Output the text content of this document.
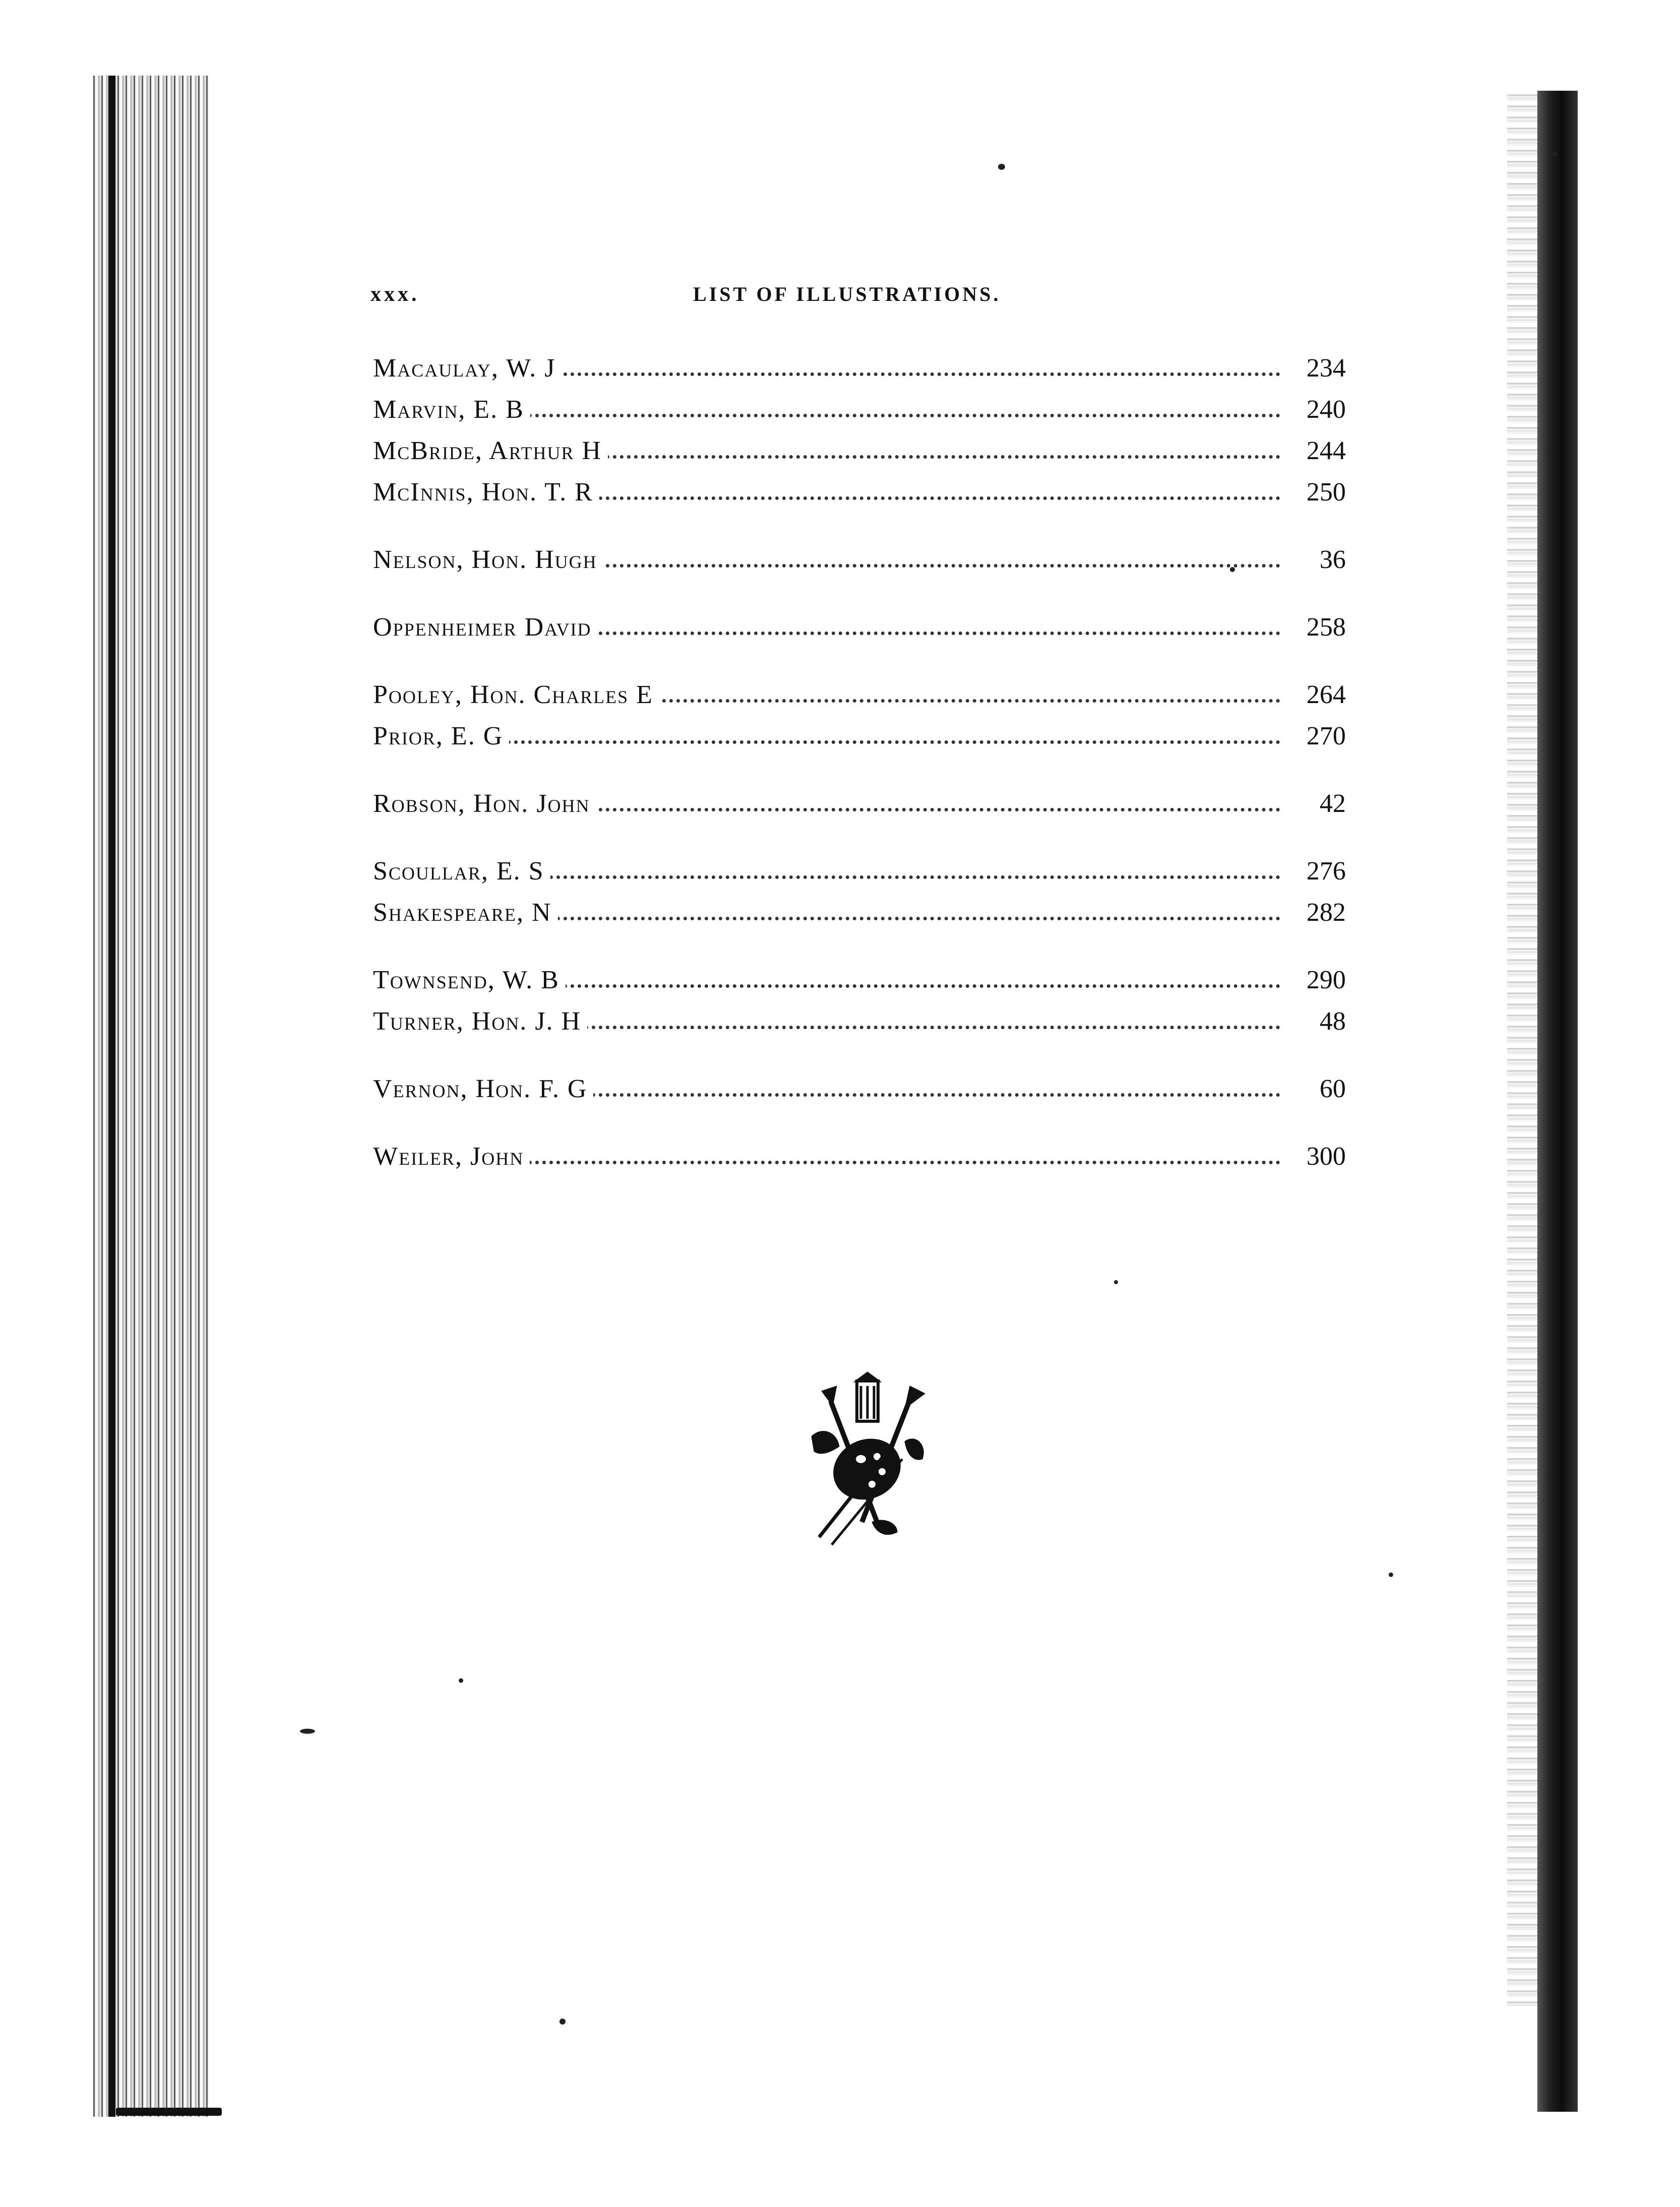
xxx.	LIST OF ILLUSTRATIONS.
Macaulay, W. J	234
Marvin, E. B	240
McBride, Arthur H	244
McInnis, Hon. T. R	250
Nelson, Hon. Hugh	36
Oppenheimer David	258
Pooley, Hon. Charles E	264
Prior, E. G	270
Robson, Hon. John	42
Scoullar, E. S	276
Shakespeare, N	282
Townsend, W. B	290
Turner, Hon. J. H	48
Vernon, Hon. F. G	60
Weiler, John	300
